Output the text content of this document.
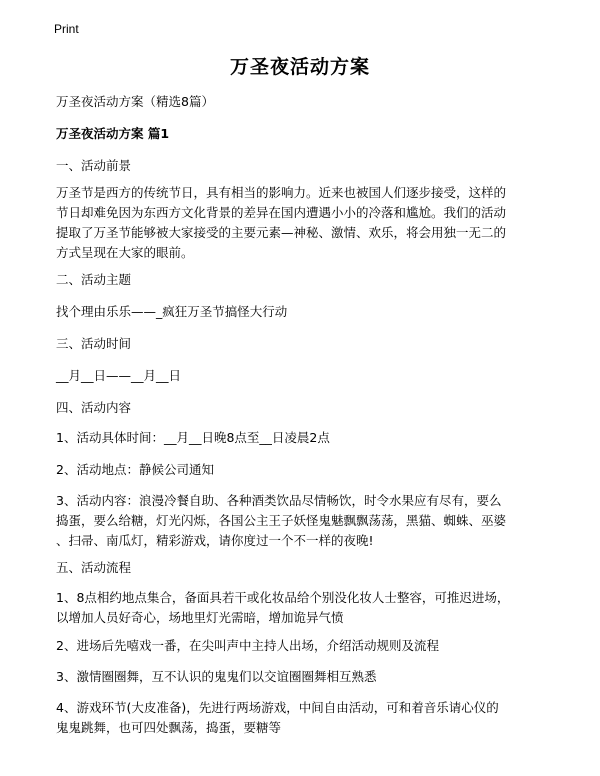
Print
万圣夜活动方案
万圣夜活动方案（精选8篇）
万圣夜活动方案 篇1
一、活动前景
万圣节是西方的传统节日，具有相当的影响力。近来也被国人们逐步接受，这样的
节日却难免因为东西方文化背景的差异在国内遭遇小小的冷落和尴尬。我们的活动
提取了万圣节能够被大家接受的主要元素—神秘、激情、欢乐，将会用独一无二的
方式呈现在大家的眼前。
二、活动主题
找个理由乐乐——_疯狂万圣节搞怪大行动
三、活动时间
__月__日——__月__日
四、活动内容
1、活动具体时间：__月__日晚8点至__日凌晨2点
2、活动地点：静候公司通知
3、活动内容：浪漫冷餐自助、各种酒类饮品尽情畅饮，时令水果应有尽有，要么
捣蛋，要么给糖，灯光闪烁，各国公主王子妖怪鬼魅飘飘荡荡，黑猫、蜘蛛、巫婆
、扫帚、南瓜灯，精彩游戏，请你度过一个不一样的夜晚!
五、活动流程
1、8点相约地点集合，备面具若干或化妆品给个别没化妆人士整容，可推迟进场，
以增加人员好奇心，场地里灯光需暗，增加诡异气愤
2、进场后先嘻戏一番，在尖叫声中主持人出场，介绍活动规则及流程
3、激情圈圈舞，互不认识的鬼鬼们以交谊圈圈舞相互熟悉
4、游戏环节(大皮准备)，先进行两场游戏，中间自由活动，可和着音乐请心仪的
鬼鬼跳舞，也可四处飘荡，捣蛋，要糖等
